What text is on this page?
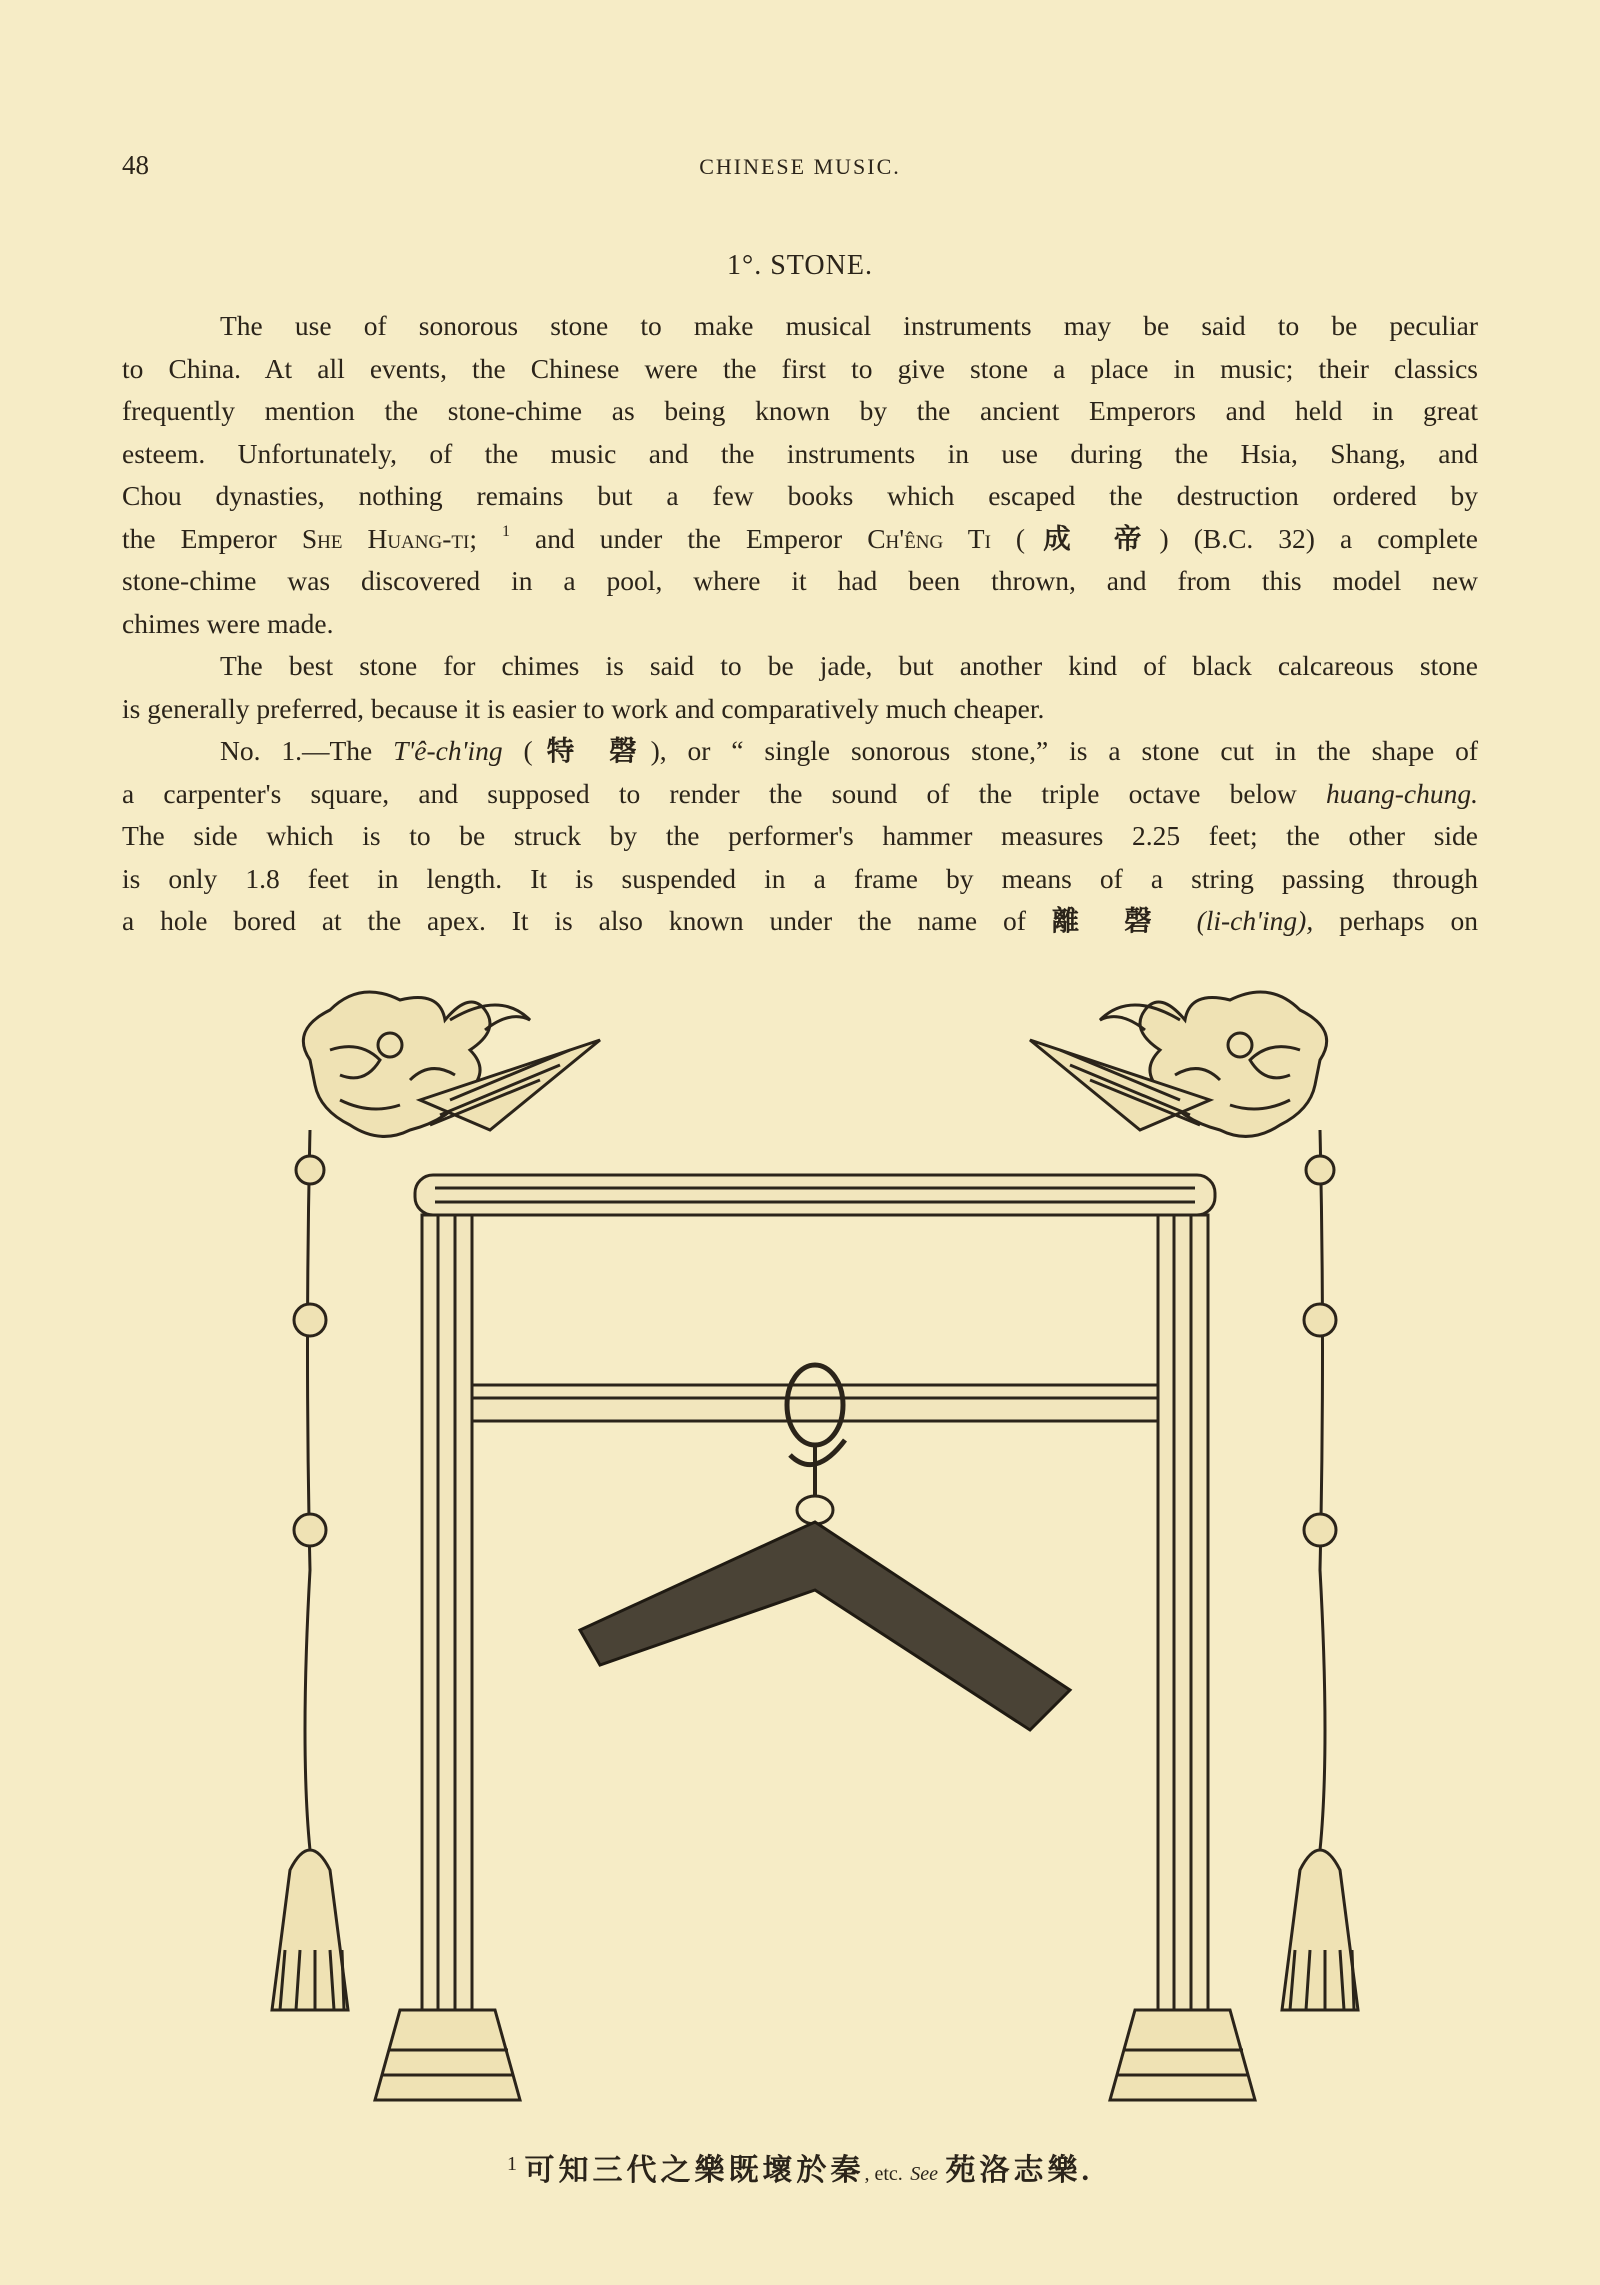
48	CHINESE MUSIC.
1°. STONE.
The use of sonorous stone to make musical instruments may be said to be peculiar
to China. At all events, the Chinese were the first to give stone a place in music; their classics
frequently mention the stone-chime as being known by the ancient Emperors and held in great
esteem. Unfortunately, of the music and the instruments in use during the Hsia, Shang, and
Chou dynasties, nothing remains but a few books which escaped the destruction ordered by
the Emperor She Huang-ti; $^1$ and under the Emperor Ch'êng Ti (成 帝) (B.C. 32) a complete
stone-chime was discovered in a pool, where it had been thrown, and from this model new
chimes were made.
The best stone for chimes is said to be jade, but another kind of black calcareous stone
is generally preferred, because it is easier to work and comparatively much cheaper.
No. 1.—The T'ê-ch'ing (特 磬), or “ single sonorous stone,” is a stone cut in the shape of
a carpenter's square, and supposed to render the sound of the triple octave below huang-chung.
The side which is to be struck by the performer's hammer measures 2.25 feet; the other side
is only 1.8 feet in length. It is suspended in a frame by means of a string passing through
a hole bored at the apex. It is also known under the name of 離 磬 (li-ch'ing), perhaps on
$^1$ 可知三代之樂既壞於秦, etc. See 苑洛志樂.
